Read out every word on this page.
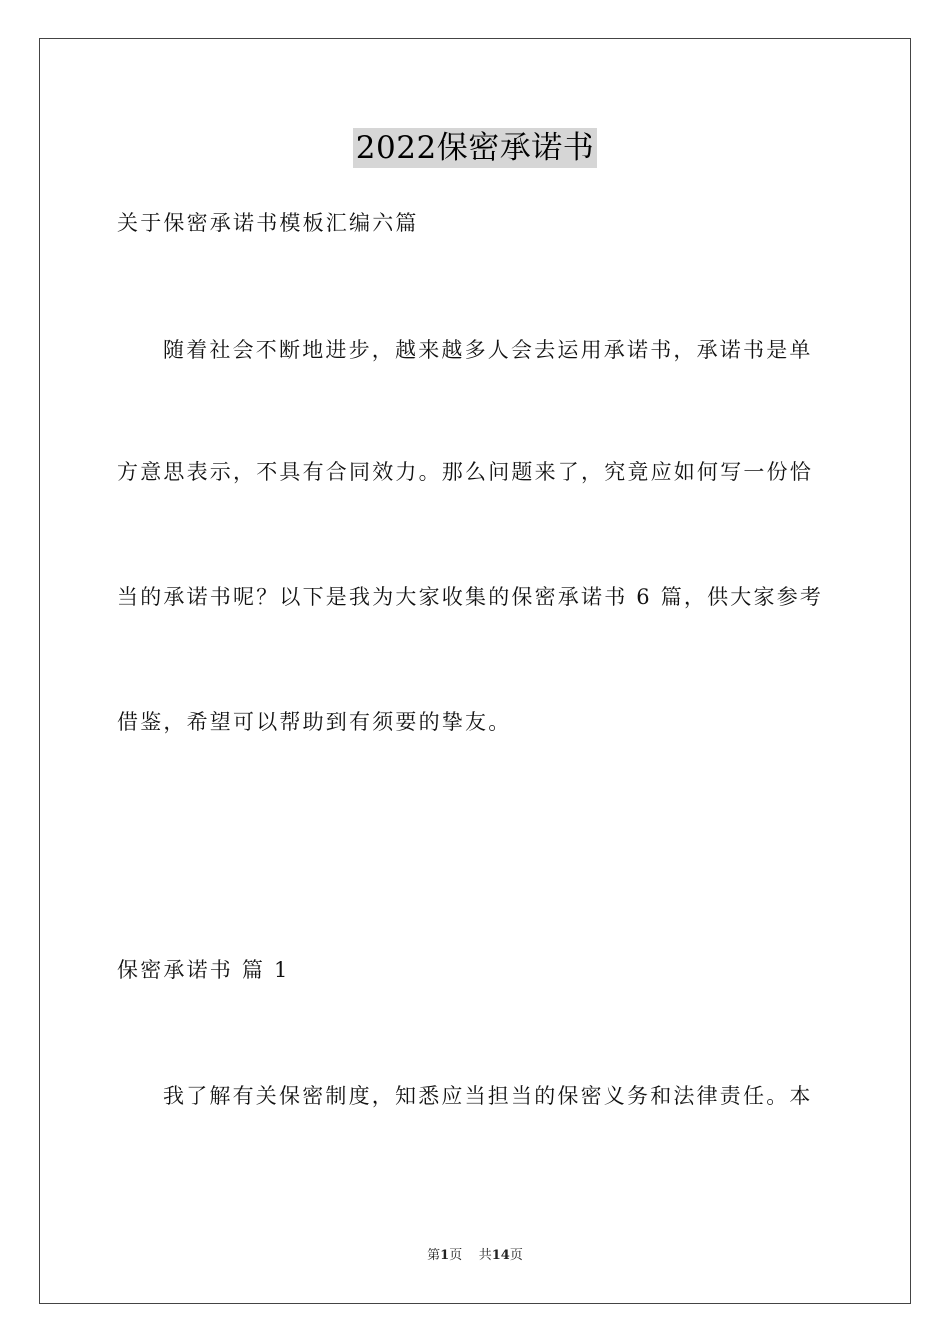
2022保密承诺书
关于保密承诺书模板汇编六篇
随着社会不断地进步，越来越多人会去运用承诺书，承诺书是单
方意思表示，不具有合同效力。那么问题来了，究竟应如何写一份恰
当的承诺书呢？以下是我为大家收集的保密承诺书 6 篇，供大家参考
借鉴，希望可以帮助到有须要的挚友。
保密承诺书 篇 1
我了解有关保密制度，知悉应当担当的保密义务和法律责任。本
第1页 共14页
